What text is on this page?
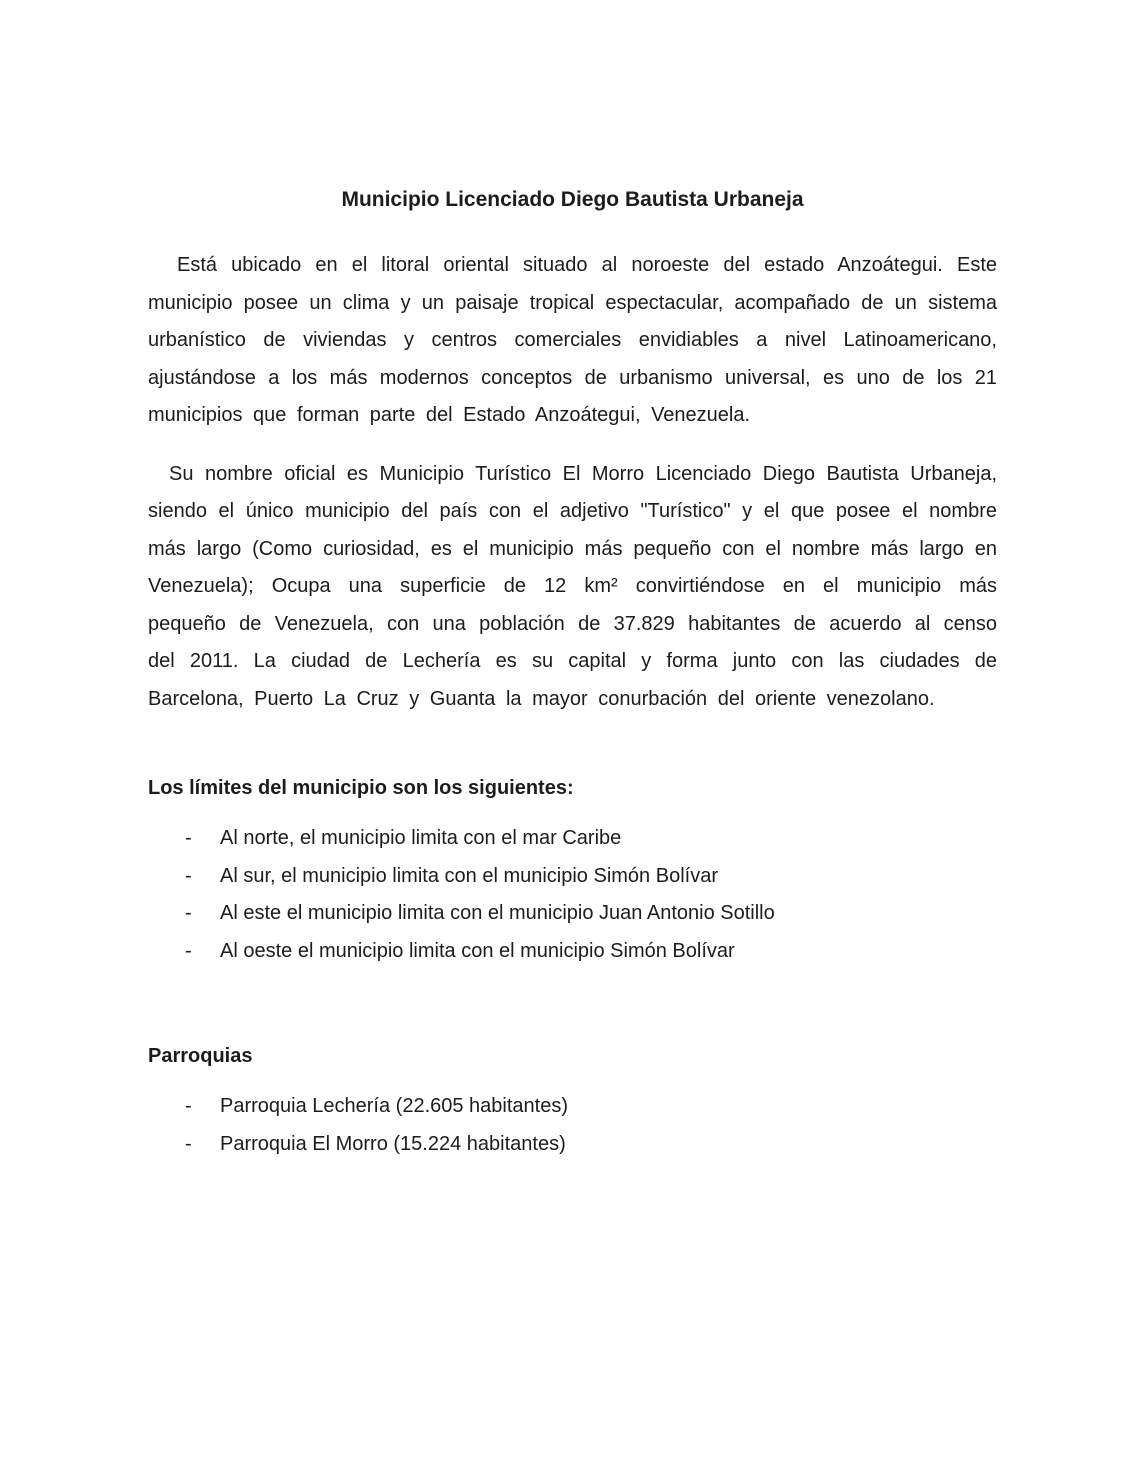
Municipio Licenciado Diego Bautista Urbaneja

Está ubicado en el litoral oriental situado al noroeste del estado Anzoátegui. Este municipio posee un clima y un paisaje tropical espectacular, acompañado de un sistema urbanístico de viviendas y centros comerciales envidiables a nivel Latinoamericano, ajustándose a los más modernos conceptos de urbanismo universal, es uno de los 21 municipios que forman parte del Estado Anzoátegui, Venezuela.

Su nombre oficial es Municipio Turístico El Morro Licenciado Diego Bautista Urbaneja, siendo el único municipio del país con el adjetivo "Turístico" y el que posee el nombre más largo (Como curiosidad, es el municipio más pequeño con el nombre más largo en Venezuela); Ocupa una superficie de 12 km² convirtiéndose en el municipio más pequeño de Venezuela, con una población de 37.829 habitantes de acuerdo al censo del 2011. La ciudad de Lechería es su capital y forma junto con las ciudades de Barcelona, Puerto La Cruz y Guanta la mayor conurbación del oriente venezolano.

Los límites del municipio son los siguientes:
-	Al norte, el municipio limita con el mar Caribe
-	Al sur, el municipio limita con el municipio Simón Bolívar
-	Al este el municipio limita con el municipio Juan Antonio Sotillo
-	Al oeste el municipio limita con el municipio Simón Bolívar
Parroquias
-	Parroquia Lechería (22.605 habitantes)
-	Parroquia El Morro (15.224 habitantes)
